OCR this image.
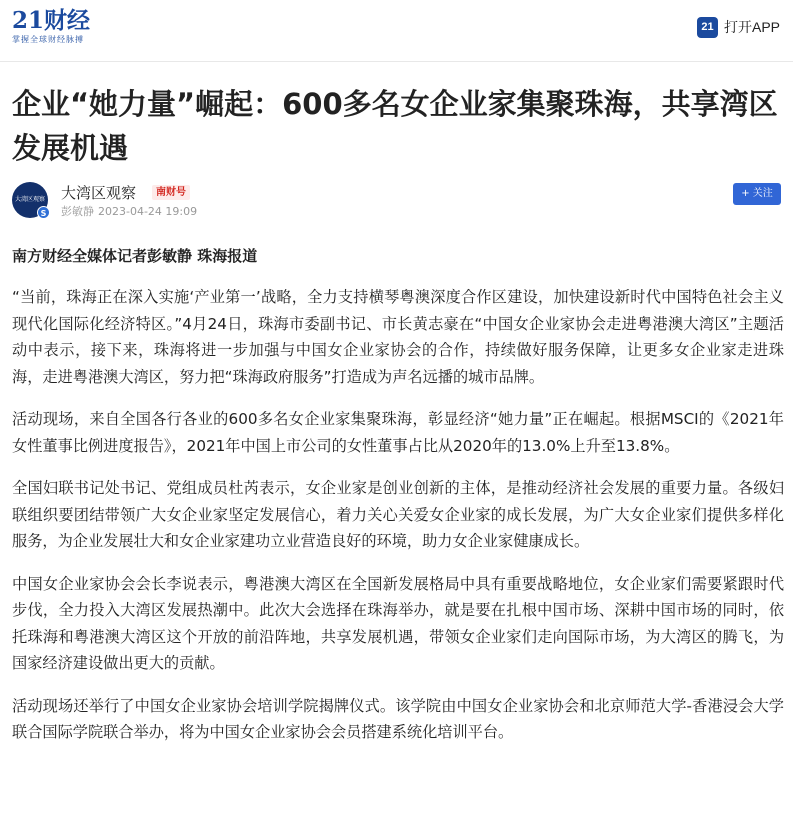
21财经
掌握全球财经脉搏
21 打开APP
企业“她力量”崛起：600多名女企业家集聚珠海，共享湾区发展机遇
大湾区观察
S
大湾区观察	南财号
彭敏静 2023-04-24 19:09
+ 关注

南方财经全媒体记者彭敏静 珠海报道

“当前，珠海正在深入实施‘产业第一’战略，全力支持横琴粤澳深度合作区建设，加快建设新时代中国特色社会主义现代化国际化经济特区。”4月24日，珠海市委副书记、市长黄志豪在“中国女企业家协会走进粤港澳大湾区”主题活动中表示，接下来，珠海将进一步加强与中国女企业家协会的合作，持续做好服务保障，让更多女企业家走进珠海，走进粤港澳大湾区，努力把“珠海政府服务”打造成为声名远播的城市品牌。

活动现场，来自全国各行各业的600多名女企业家集聚珠海，彰显经济“她力量”正在崛起。根据MSCI的《2021年女性董事比例进度报告》，2021年中国上市公司的女性董事占比从2020年的13.0%上升至13.8%。

全国妇联书记处书记、党组成员杜芮表示，女企业家是创业创新的主体，是推动经济社会发展的重要力量。各级妇联组织要团结带领广大女企业家坚定发展信心，着力关心关爱女企业家的成长发展，为广大女企业家们提供多样化服务，为企业发展壮大和女企业家建功立业营造良好的环境，助力女企业家健康成长。

中国女企业家协会会长李说表示，粤港澳大湾区在全国新发展格局中具有重要战略地位，女企业家们需要紧跟时代步伐，全力投入大湾区发展热潮中。此次大会选择在珠海举办，就是要在扎根中国市场、深耕中国市场的同时，依托珠海和粤港澳大湾区这个开放的前沿阵地，共享发展机遇，带领女企业家们走向国际市场，为大湾区的腾飞，为国家经济建设做出更大的贡献。

活动现场还举行了中国女企业家协会培训学院揭牌仪式。该学院由中国女企业家协会和北京师范大学-香港浸会大学联合国际学院联合举办，将为中国女企业家协会会员搭建系统化培训平台。
